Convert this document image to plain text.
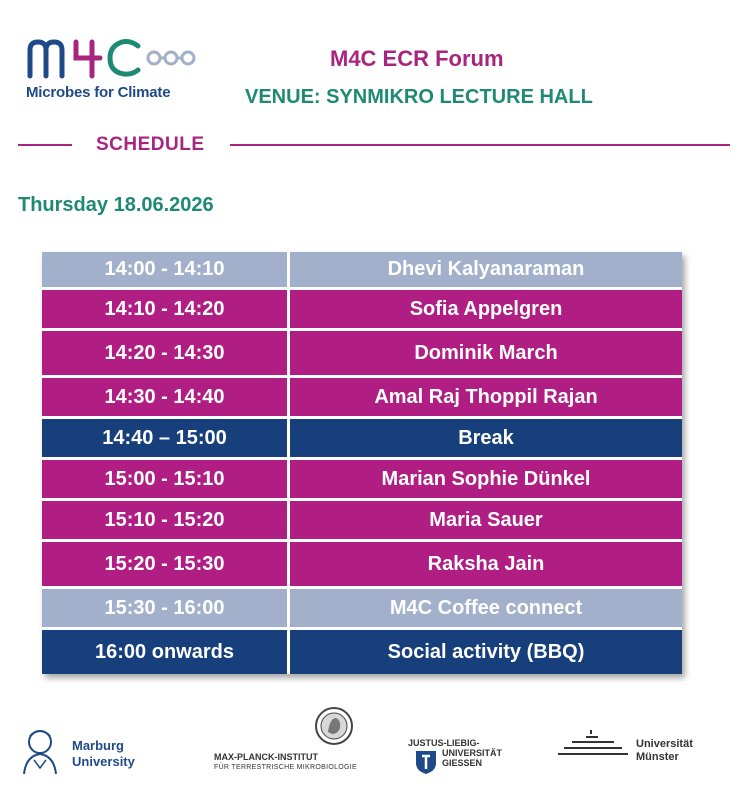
Microbes for Climate
M4C ECR Forum
VENUE: SYNMIKRO LECTURE HALL
SCHEDULE
Thursday 18.06.2026
14:00 - 14:10	Dhevi Kalyanaraman
14:10 - 14:20	Sofia Appelgren
14:20 - 14:30	Dominik March
14:30 - 14:40	Amal Raj Thoppil Rajan
14:40 – 15:00	Break
15:00 - 15:10	Marian Sophie Dünkel
15:10 - 15:20	Maria Sauer
15:20 - 15:30	Raksha Jain
15:30 - 16:00	M4C Coffee connect
16:00 onwards	Social activity (BBQ)
Marburg
University	MAX-PLANCK-INSTITUT
FÜR TERRESTRISCHE MIKROBIOLOGIE
JUSTUS-LIEBIG-
UNIVERSITÄT
GIESSEN
Universität
Münster
